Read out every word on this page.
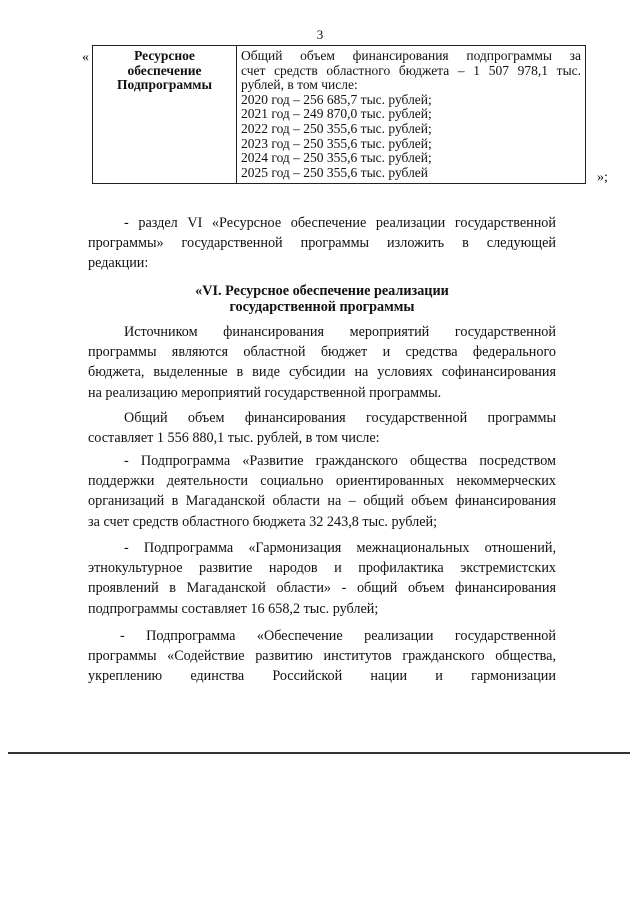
3
«	Ресурсное
обеспечение
Подпрограммы

Общий объем финансирования подпрограммы за
счет средств областного бюджета – 1 507 978,1 тыс.
рублей, в том числе:
2020 год – 256 685,7 тыс. рублей;
2021 год – 249 870,0 тыс. рублей;
2022 год – 250 355,6 тыс. рублей;
2023 год – 250 355,6 тыс. рублей;
2024 год – 250 355,6 тыс. рублей;
2025 год – 250 355,6 тыс. рублей	»;
- раздел VI «Ресурсное обеспечение реализации государственной
программы» государственной программы изложить в следующей
редакции:
«VI. Ресурсное обеспечение реализации
государственной программы
Источником финансирования мероприятий государственной
программы являются областной бюджет и средства федерального
бюджета, выделенные в виде субсидии на условиях софинансирования
на реализацию мероприятий государственной программы.
Общий объем финансирования государственной программы
составляет 1 556 880,1 тыс. рублей, в том числе:
- Подпрограмма «Развитие гражданского общества посредством
поддержки деятельности социально ориентированных некоммерческих
организаций в Магаданской области на – общий объем финансирования
за счет средств областного бюджета 32 243,8 тыс. рублей;
- Подпрограмма «Гармонизация межнациональных отношений,
этнокультурное развитие народов и профилактика экстремистских
проявлений в Магаданской области» - общий объем финансирования
подпрограммы составляет 16 658,2 тыс. рублей;
- Подпрограмма «Обеспечение реализации государственной
программы «Содействие развитию институтов гражданского общества,
укреплению единства Российской нации и гармонизации
